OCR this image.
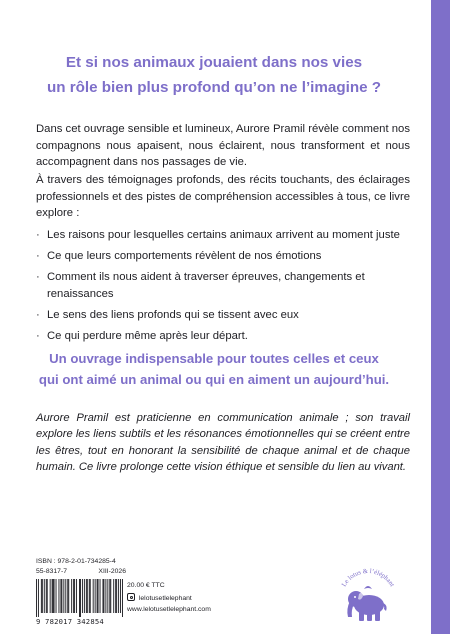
Et si nos animaux jouaient dans nos vies
un rôle bien plus profond qu’on ne l’imagine ?

Dans cet ouvrage sensible et lumineux, Aurore Pramil révèle comment nos compagnons nous apaisent, nous éclairent, nous transforment et nous accompagnent dans nos passages de vie.

À travers des témoignages profonds, des récits touchants, des éclairages professionnels et des pistes de compréhension accessibles à tous, ce livre explore :

· Les raisons pour lesquelles certains animaux arrivent au moment juste
· Ce que leurs comportements révèlent de nos émotions
· Comment ils nous aident à traverser épreuves, changements et renaissances
· Le sens des liens profonds qui se tissent avec eux
· Ce qui perdure même après leur départ.

Un ouvrage indispensable pour toutes celles et ceux
qui ont aimé un animal ou qui en aiment un aujourd’hui.

Aurore Pramil est praticienne en communication animale ; son travail explore les liens subtils et les résonances émotionnelles qui se créent entre les êtres, tout en honorant la sensibilité de chaque animal et de chaque humain. Ce livre prolonge cette vision éthique et sensible du lien au vivant.

ISBN : 978-2-01-734285-4
55-8317-7	XIII-2026
9 782017 342854
20.00 € TTC
lelotusetlelephant
www.lelotusetlelephant.com
Le lotus & l’éléphant
